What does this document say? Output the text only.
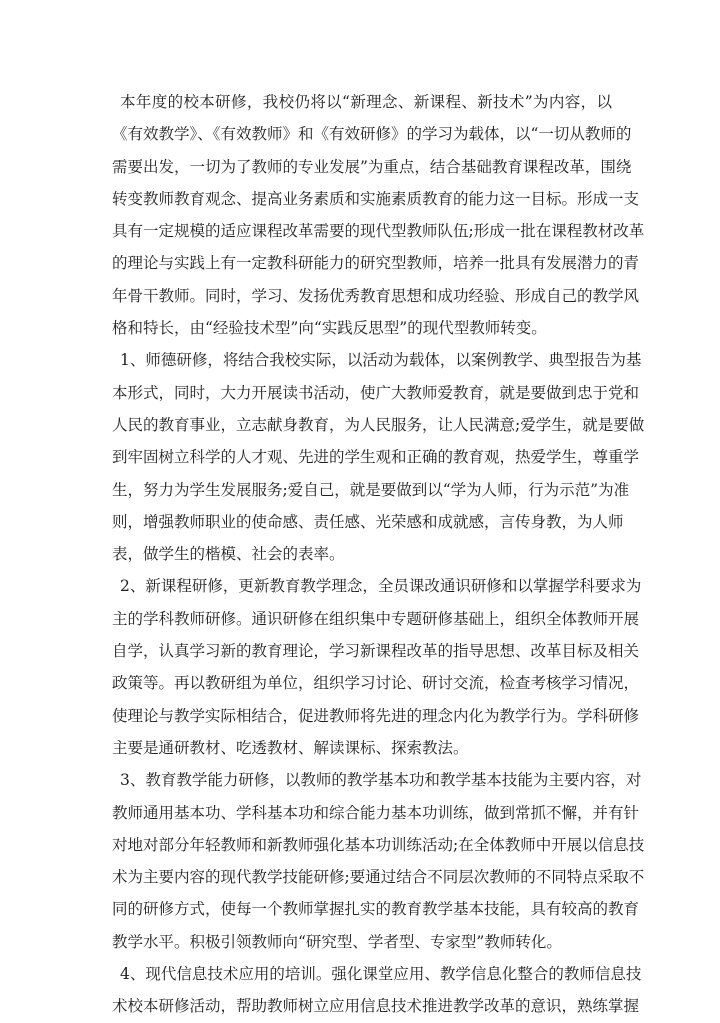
本年度的校本研修，我校仍将以“新理念、新课程、新技术”为内容，以
《有效教学》、《有效教师》和《有效研修》的学习为载体，以“一切从教师的
需要出发，一切为了教师的专业发展”为重点，结合基础教育课程改革，围绕
转变教师教育观念、提高业务素质和实施素质教育的能力这一目标。形成一支
具有一定规模的适应课程改革需要的现代型教师队伍;形成一批在课程教材改革
的理论与实践上有一定教科研能力的研究型教师，培养一批具有发展潜力的青
年骨干教师。同时，学习、发扬优秀教育思想和成功经验、形成自己的教学风
格和特长，由“经验技术型”向“实践反思型”的现代型教师转变。
1、师德研修，将结合我校实际，以活动为载体，以案例教学、典型报告为基
本形式，同时，大力开展读书活动，使广大教师爱教育，就是要做到忠于党和
人民的教育事业，立志献身教育，为人民服务，让人民满意;爱学生，就是要做
到牢固树立科学的人才观、先进的学生观和正确的教育观，热爱学生，尊重学
生，努力为学生发展服务;爱自己，就是要做到以“学为人师，行为示范”为准
则，增强教师职业的使命感、责任感、光荣感和成就感，言传身教，为人师
表，做学生的楷模、社会的表率。
2、新课程研修，更新教育教学理念，全员课改通识研修和以掌握学科要求为
主的学科教师研修。通识研修在组织集中专题研修基础上，组织全体教师开展
自学，认真学习新的教育理论，学习新课程改革的指导思想、改革目标及相关
政策等。再以教研组为单位，组织学习讨论、研讨交流，检查考核学习情况，
使理论与教学实际相结合，促进教师将先进的理念内化为教学行为。学科研修
主要是通研教材、吃透教材、解读课标、探索教法。
3、教育教学能力研修，以教师的教学基本功和教学基本技能为主要内容，对
教师通用基本功、学科基本功和综合能力基本功训练，做到常抓不懈，并有针
对地对部分年轻教师和新教师强化基本功训练活动;在全体教师中开展以信息技
术为主要内容的现代教学技能研修;要通过结合不同层次教师的不同特点采取不
同的研修方式，使每一个教师掌握扎实的教育教学基本技能，具有较高的教育
教学水平。积极引领教师向“研究型、学者型、专家型”教师转化。
4、现代信息技术应用的培训。强化课堂应用、教学信息化整合的教师信息技
术校本研修活动，帮助教师树立应用信息技术推进教学改革的意识，熟练掌握
